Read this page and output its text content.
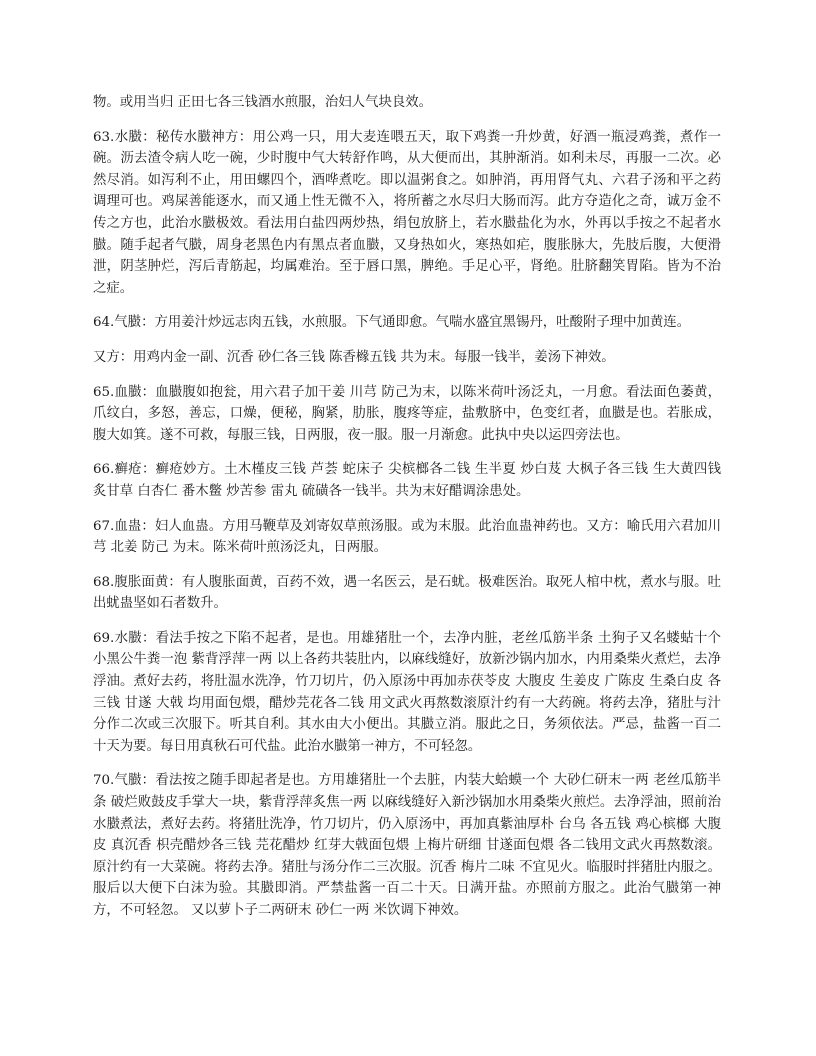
物。或用当归 正田七各三钱酒水煎服，治妇人气块良效。

63.水臌：秘传水臌神方：用公鸡一只，用大麦连喂五天，取下鸡粪一升炒黄，好酒一瓶浸鸡粪，煮作一碗。沥去渣令病人吃一碗，少时腹中气大转舒作鸣，从大便而出，其肿渐消。如利未尽，再服一二次。必然尽消。如泻利不止，用田螺四个，酒哗煮吃。即以温粥食之。如肿消，再用肾气丸、六君子汤和平之药调理可也。鸡屎善能逐水，而又通上性无微不入，将所蓄之水尽归大肠而泻。此方夺造化之奇，诚万金不传之方也，此治水臌极效。看法用白盐四两炒热，绢包放脐上，若水臌盐化为水，外再以手按之不起者水臌。随手起者气臌，周身老黑色内有黑点者血臌，又身热如火，寒热如疟，腹胀脉大，先肢后腹，大便滑泄，阴茎肿烂，泻后青筋起，均属难治。至于唇口黑，脾绝。手足心平，肾绝。肚脐翻笑胃陷。皆为不治之症。

64.气臌：方用姜汁炒远志肉五钱，水煎服。下气通即愈。气喘水盛宜黑锡丹，吐酸附子理中加黄连。

又方：用鸡内金一副、沉香 砂仁各三钱 陈香橼五钱 共为末。每服一钱半，姜汤下神效。

65.血臌：血臌腹如抱瓮，用六君子加干姜 川芎 防己为末，以陈米荷叶汤泛丸，一月愈。看法面色萎黄，爪纹白，多怒，善忘，口燥，便秘，胸紧，肋胀，腹疼等症，盐敷脐中，色变红者，血臌是也。若胀成，腹大如箕。遂不可救，每服三钱，日两服，夜一服。服一月渐愈。此执中央以运四旁法也。

66.癣疮：癣疮妙方。土木槿皮三钱 芦荟 蛇床子 尖槟榔各二钱 生半夏 炒白芨 大枫子各三钱 生大黄四钱 炙甘草 白杏仁 番木鳖 炒苦参 雷丸 硫磺各一钱半。共为末好醋调涂患处。

67.血蛊：妇人血蛊。方用马鞭草及刘寄奴草煎汤服。或为末服。此治血蛊神药也。又方：喻氏用六君加川芎 北姜 防己 为末。陈米荷叶煎汤泛丸，日两服。

68.腹胀面黄：有人腹胀面黄，百药不效，遇一名医云，是石蚘。极难医治。取死人棺中枕，煮水与服。吐出蚘蛊坚如石者数升。

69.水臌：看法手按之下陷不起者，是也。用雄猪肚一个，去净内脏，老丝瓜筋半条 土狗子又名蝼蛄十个 小黑公牛粪一泡 紫背浮萍一两 以上各药共装肚内，以麻线缝好，放新沙锅内加水，内用桑柴火煮烂，去净浮油。煮好去药，将肚温水洗净，竹刀切片，仍入原汤中再加赤茯苓皮 大腹皮 生姜皮 广陈皮 生桑白皮 各三钱 甘遂 大戟 均用面包煨，醋炒芫花各二钱 用文武火再熬数滚原汁约有一大药碗。将药去净，猪肚与汁分作二次或三次服下。听其自利。其水由大小便出。其臌立消。服此之日，务须依法。严忌，盐酱一百二十天为要。每日用真秋石可代盐。此治水臌第一神方，不可轻忽。

70.气臌：看法按之随手即起者是也。方用雄猪肚一个去脏，内装大蛤蟆一个 大砂仁研末一两 老丝瓜筋半条 破烂败鼓皮手掌大一块，紫背浮萍炙焦一两 以麻线缝好入新沙锅加水用桑柴火煎烂。去净浮油，照前治水臌煮法，煮好去药。将猪肚洗净，竹刀切片，仍入原汤中，再加真紫油厚朴 台乌 各五钱 鸡心槟榔 大腹皮 真沉香 枳壳醋炒各三钱 芫花醋炒 红芽大戟面包煨 上梅片研细 甘遂面包煨 各二钱用文武火再熬数滚。原汁约有一大菜碗。将药去净。猪肚与汤分作二三次服。沉香 梅片二味 不宜见火。临服时拌猪肚内服之。服后以大便下白沫为验。其臌即消。严禁盐酱一百二十天。日满开盐。亦照前方服之。此治气臌第一神方，不可轻忽。 又以萝卜子二两研末 砂仁一两 米饮调下神效。
